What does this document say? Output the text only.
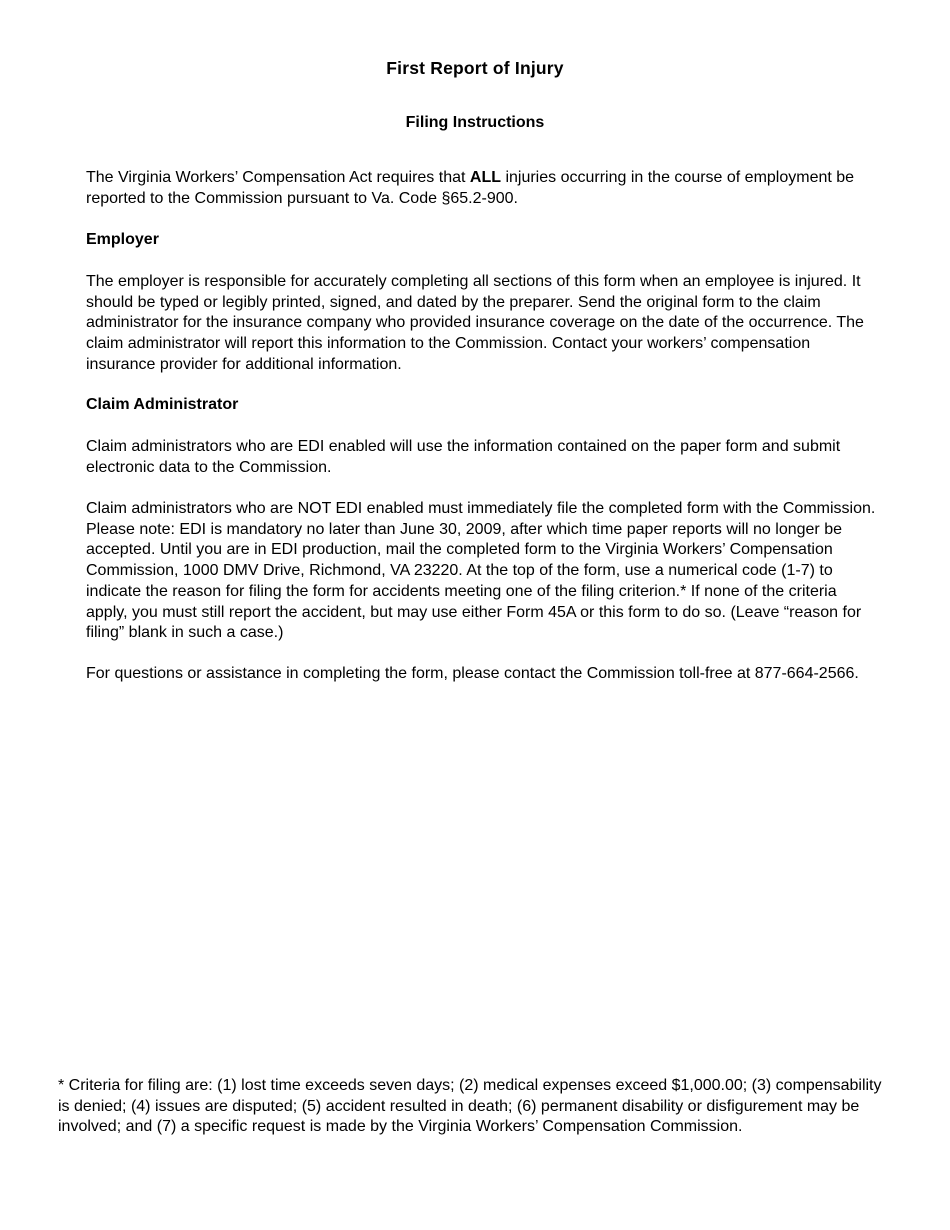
First Report of Injury
Filing Instructions

The Virginia Workers’ Compensation Act requires that ALL injuries occurring in the course of employment be reported to the Commission pursuant to Va. Code §65.2-900.

Employer

The employer is responsible for accurately completing all sections of this form when an employee is injured. It should be typed or legibly printed, signed, and dated by the preparer. Send the original form to the claim administrator for the insurance company who provided insurance coverage on the date of the occurrence. The claim administrator will report this information to the Commission. Contact your workers’ compensation insurance provider for additional information.

Claim Administrator

Claim administrators who are EDI enabled will use the information contained on the paper form and submit electronic data to the Commission.

Claim administrators who are NOT EDI enabled must immediately file the completed form with the Commission. Please note: EDI is mandatory no later than June 30, 2009, after which time paper reports will no longer be accepted. Until you are in EDI production, mail the completed form to the Virginia Workers’ Compensation Commission, 1000 DMV Drive, Richmond, VA 23220. At the top of the form, use a numerical code (1-7) to indicate the reason for filing the form for accidents meeting one of the filing criterion.* If none of the criteria apply, you must still report the accident, but may use either Form 45A or this form to do so. (Leave “reason for filing” blank in such a case.)

For questions or assistance in completing the form, please contact the Commission toll-free at 877-664-2566.

* Criteria for filing are: (1) lost time exceeds seven days; (2) medical expenses exceed $1,000.00; (3) compensability is denied; (4) issues are disputed; (5) accident resulted in death; (6) permanent disability or disfigurement may be involved; and (7) a specific request is made by the Virginia Workers’ Compensation Commission.
